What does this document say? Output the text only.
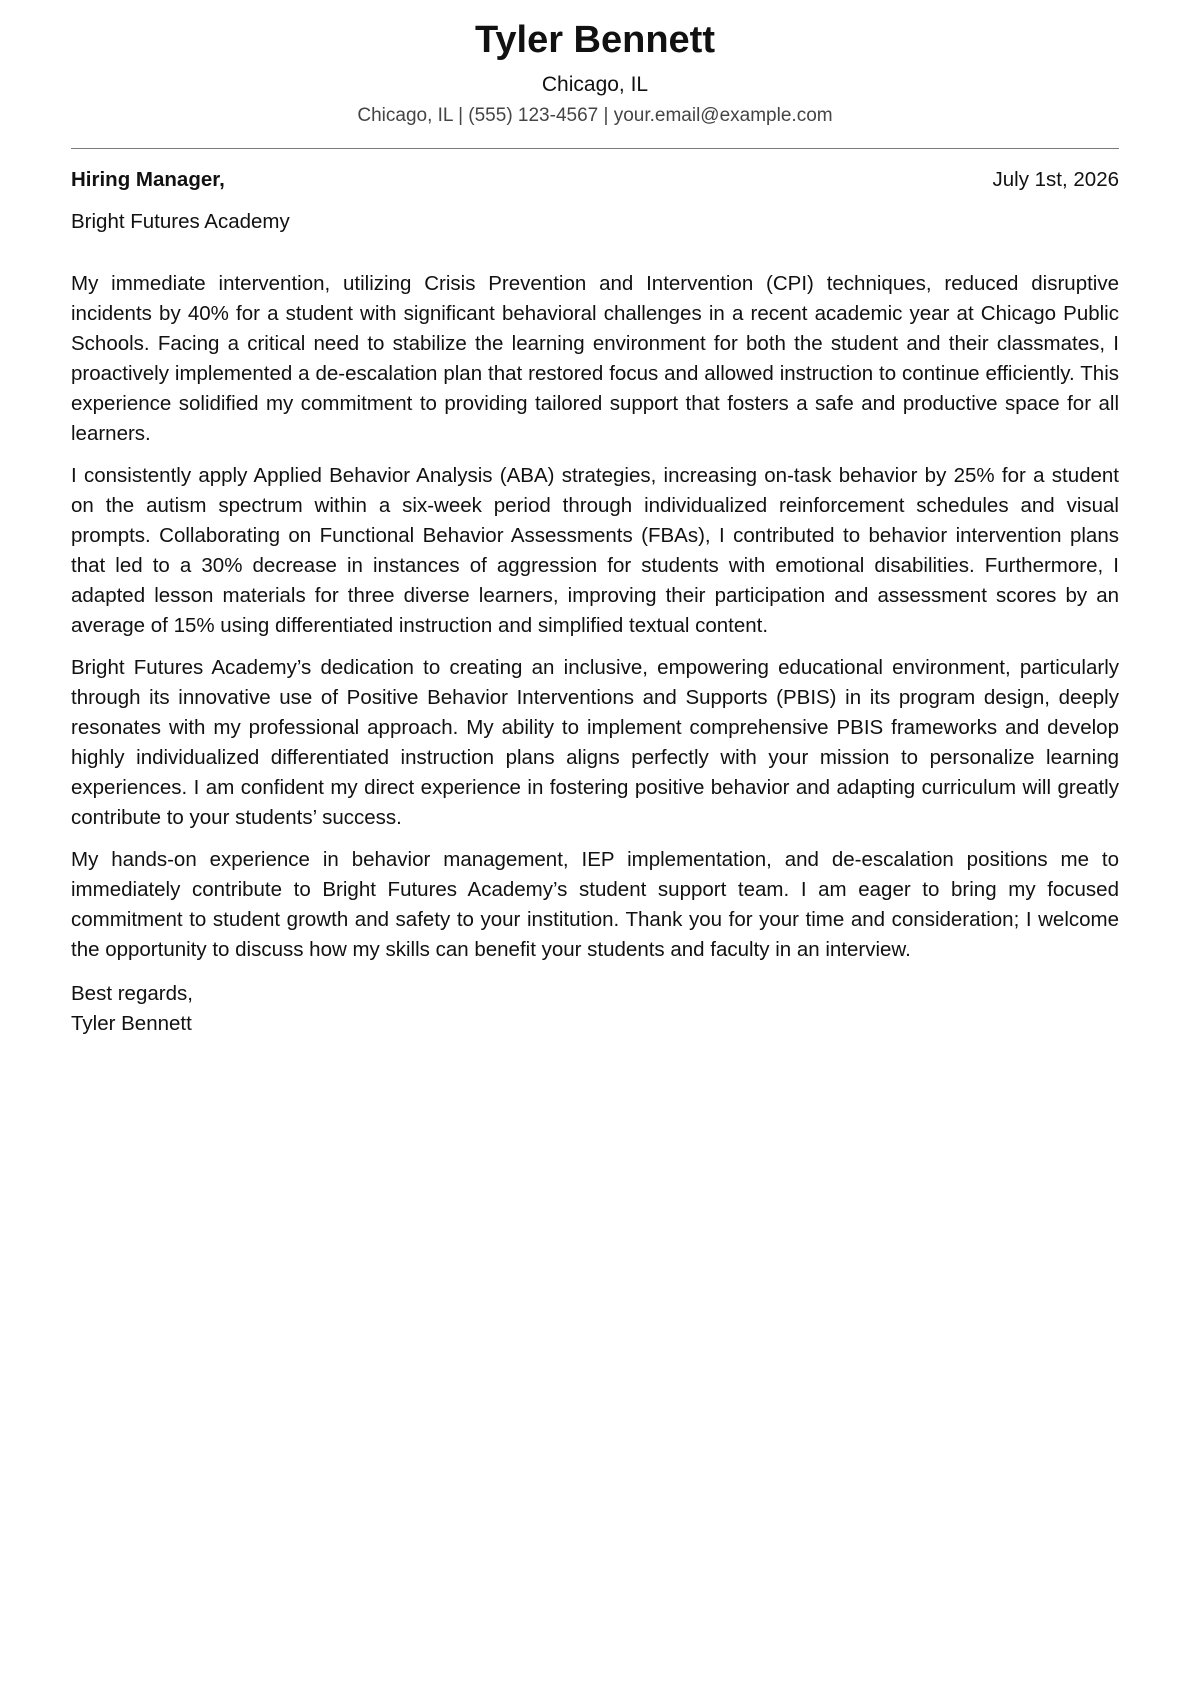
Tyler Bennett
Chicago, IL
Chicago, IL | (555) 123-4567 | your.email@example.com
Hiring Manager,	July 1st, 2026
Bright Futures Academy

My immediate intervention, utilizing Crisis Prevention and Intervention (CPI) techniques, reduced disruptive incidents by 40% for a student with significant behavioral challenges in a recent academic year at Chicago Public Schools. Facing a critical need to stabilize the learning environment for both the student and their classmates, I proactively implemented a de-escalation plan that restored focus and allowed instruction to continue efficiently. This experience solidified my commitment to providing tailored support that fosters a safe and productive space for all learners.

I consistently apply Applied Behavior Analysis (ABA) strategies, increasing on-task behavior by 25% for a student on the autism spectrum within a six-week period through individualized reinforcement schedules and visual prompts. Collaborating on Functional Behavior Assessments (FBAs), I contributed to behavior intervention plans that led to a 30% decrease in instances of aggression for students with emotional disabilities. Furthermore, I adapted lesson materials for three diverse learners, improving their participation and assessment scores by an average of 15% using differentiated instruction and simplified textual content.

Bright Futures Academy’s dedication to creating an inclusive, empowering educational environment, particularly through its innovative use of Positive Behavior Interventions and Supports (PBIS) in its program design, deeply resonates with my professional approach. My ability to implement comprehensive PBIS frameworks and develop highly individualized differentiated instruction plans aligns perfectly with your mission to personalize learning experiences. I am confident my direct experience in fostering positive behavior and adapting curriculum will greatly contribute to your students’ success.

My hands-on experience in behavior management, IEP implementation, and de-escalation positions me to immediately contribute to Bright Futures Academy’s student support team. I am eager to bring my focused commitment to student growth and safety to your institution. Thank you for your time and consideration; I welcome the opportunity to discuss how my skills can benefit your students and faculty in an interview.

Best regards,
Tyler Bennett
